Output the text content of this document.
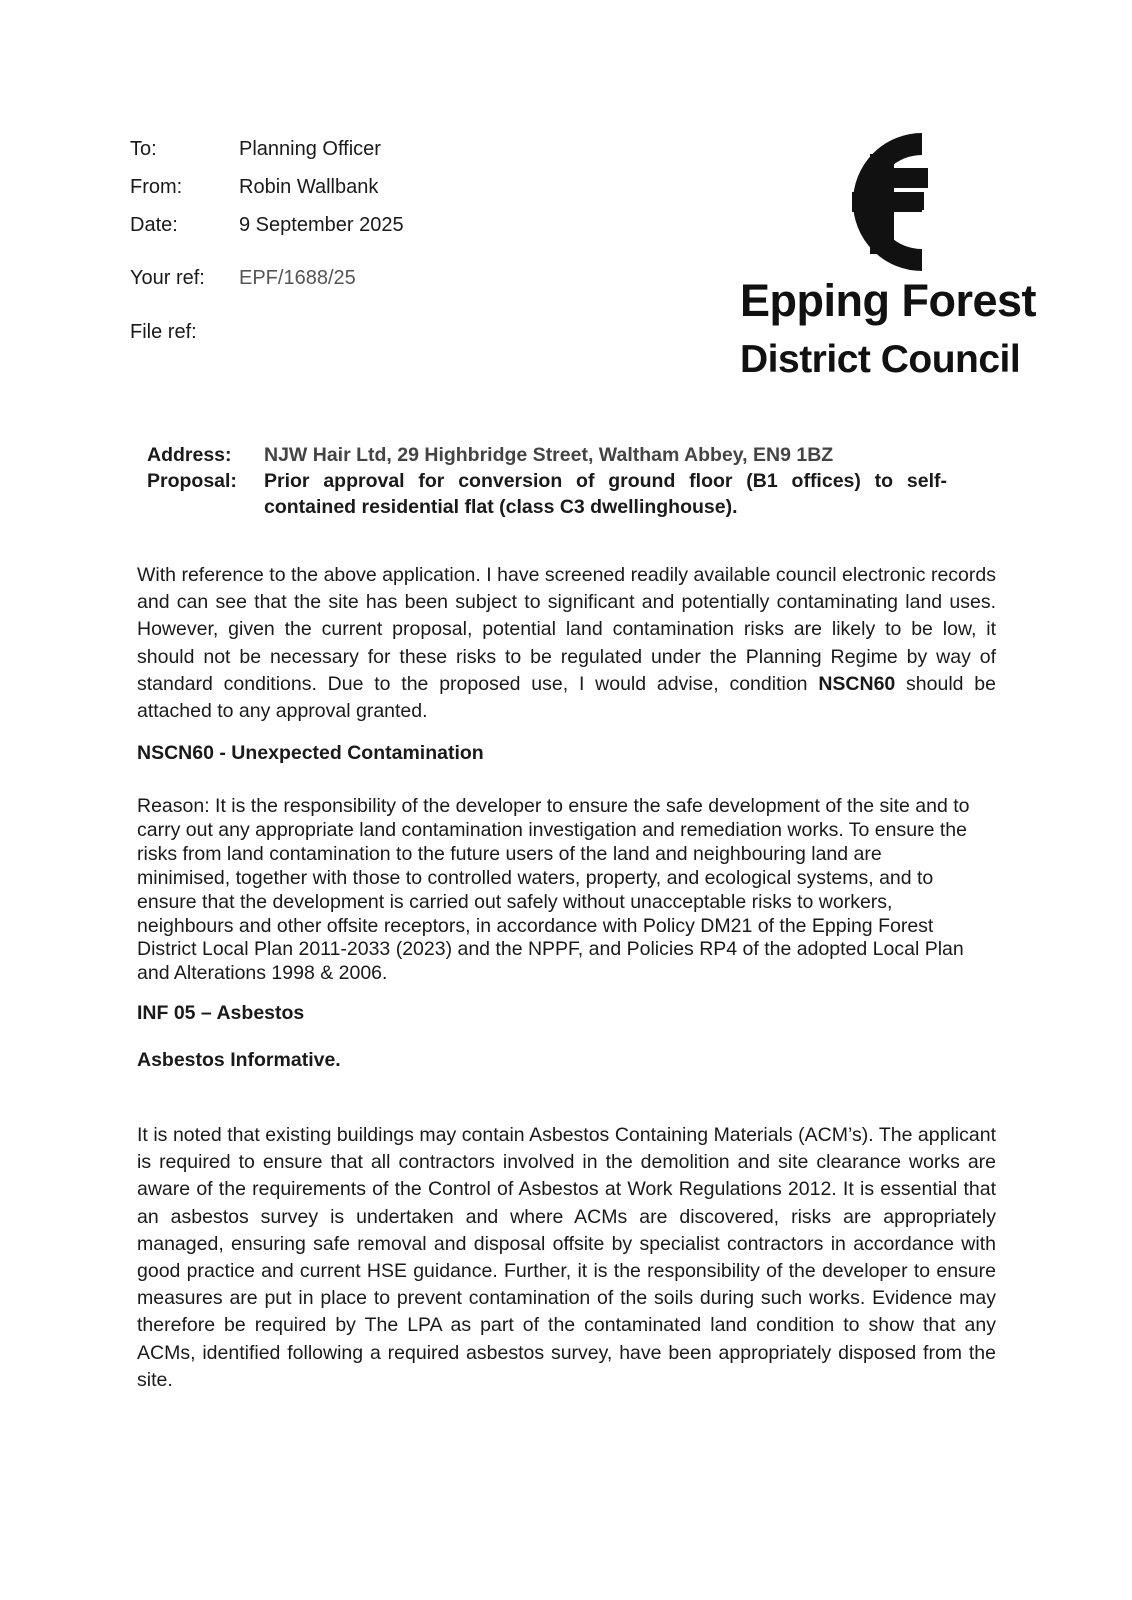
To:	Planning Officer
From:	Robin Wallbank
Date:	9 September 2025
Your ref:	EPF/1688/25
File ref:
Epping Forest
District Council
Address: NJW Hair Ltd, 29 Highbridge Street, Waltham Abbey, EN9 1BZ
Proposal: Prior approval for conversion of ground floor (B1 offices) to self-contained residential flat (class C3 dwellinghouse).

With reference to the above application. I have screened readily available council electronic records and can see that the site has been subject to significant and potentially contaminating land uses. However, given the current proposal, potential land contamination risks are likely to be low, it should not be necessary for these risks to be regulated under the Planning Regime by way of standard conditions. Due to the proposed use, I would advise, condition NSCN60 should be attached to any approval granted.

NSCN60 - Unexpected Contamination

Reason: It is the responsibility of the developer to ensure the safe development of the site and to carry out any appropriate land contamination investigation and remediation works. To ensure the risks from land contamination to the future users of the land and neighbouring land are minimised, together with those to controlled waters, property, and ecological systems, and to ensure that the development is carried out safely without unacceptable risks to workers, neighbours and other offsite receptors, in accordance with Policy DM21 of the Epping Forest District Local Plan 2011-2033 (2023) and the NPPF, and Policies RP4 of the adopted Local Plan and Alterations 1998 & 2006.

INF 05 – Asbestos
Asbestos Informative.

It is noted that existing buildings may contain Asbestos Containing Materials (ACM’s). The applicant is required to ensure that all contractors involved in the demolition and site clearance works are aware of the requirements of the Control of Asbestos at Work Regulations 2012. It is essential that an asbestos survey is undertaken and where ACMs are discovered, risks are appropriately managed, ensuring safe removal and disposal offsite by specialist contractors in accordance with good practice and current HSE guidance. Further, it is the responsibility of the developer to ensure measures are put in place to prevent contamination of the soils during such works. Evidence may therefore be required by The LPA as part of the contaminated land condition to show that any ACMs, identified following a required asbestos survey, have been appropriately disposed from the site.
